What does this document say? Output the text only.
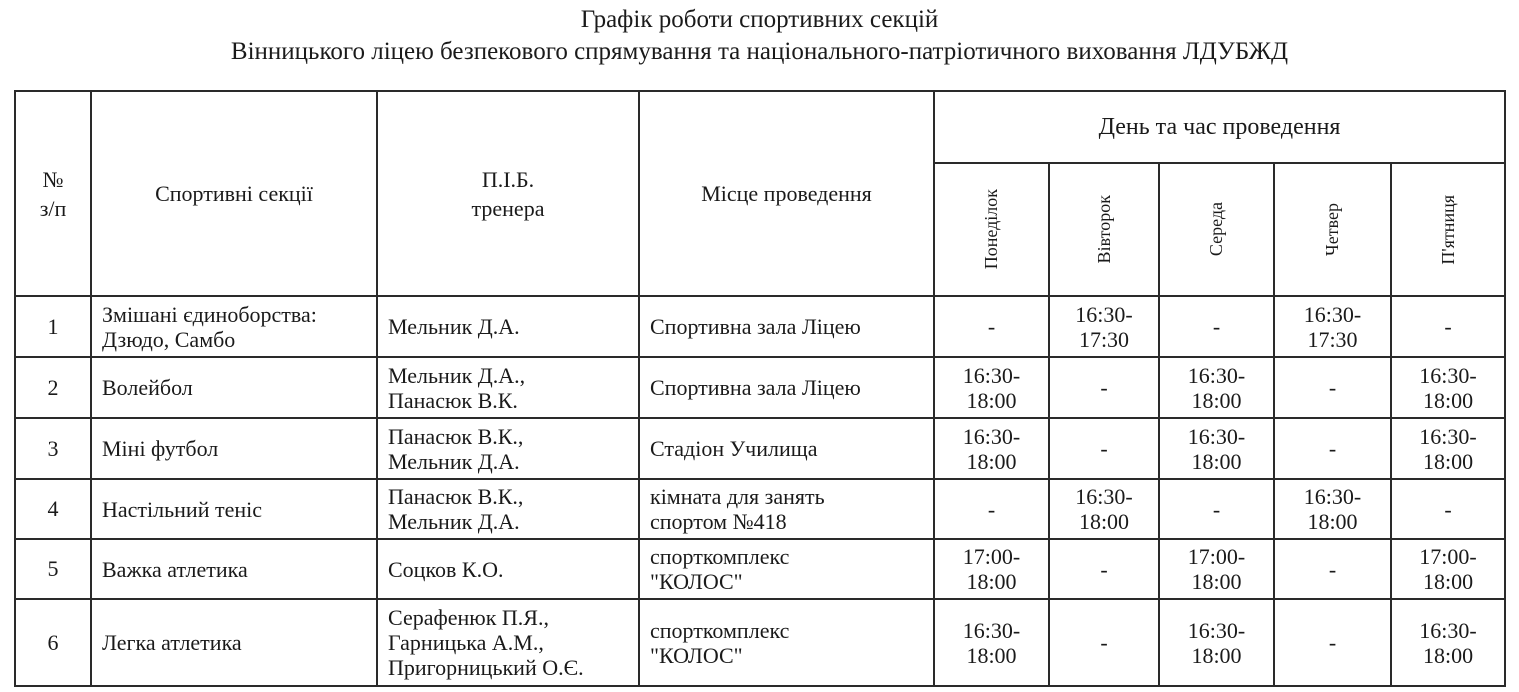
Графік роботи спортивних секцій
Вінницького ліцею безпекового спрямування та національного-патріотичного виховання ЛДУБЖД
№
з/п	Спортивні секції	П.І.Б.
тренера	Місце проведення	День та час проведення				

				Понеділок	Вівторок	Середа	Четвер	П'ятниця

1	Змішані єдиноборства:
Дзюдо, Самбо	Мельник Д.А.	Спортивна зала Ліцею	-	16:30-
17:30	-	16:30-
17:30	-

2	Волейбол	Мельник Д.А.,
Панасюк В.К.	Спортивна зала Ліцею	16:30-
18:00	-	16:30-
18:00	-	16:30-
18:00

3	Міні футбол	Панасюк В.К.,
Мельник Д.А.	Стадіон Училища	16:30-
18:00	-	16:30-
18:00	-	16:30-
18:00

4	Настільний теніс	Панасюк В.К.,
Мельник Д.А.	кімната для занять
спортом №418	-	16:30-
18:00	-	16:30-
18:00	-

5	Важка атлетика	Соцков К.О.	спорткомплекс
"КОЛОС"	17:00-
18:00	-	17:00-
18:00	-	17:00-
18:00

6	Легка атлетика	Серафенюк П.Я.,
Гарницька А.М.,
Пригорницький О.Є.	спорткомплекс
"КОЛОС"	16:30-
18:00	-	16:30-
18:00	-	16:30-
18:00
